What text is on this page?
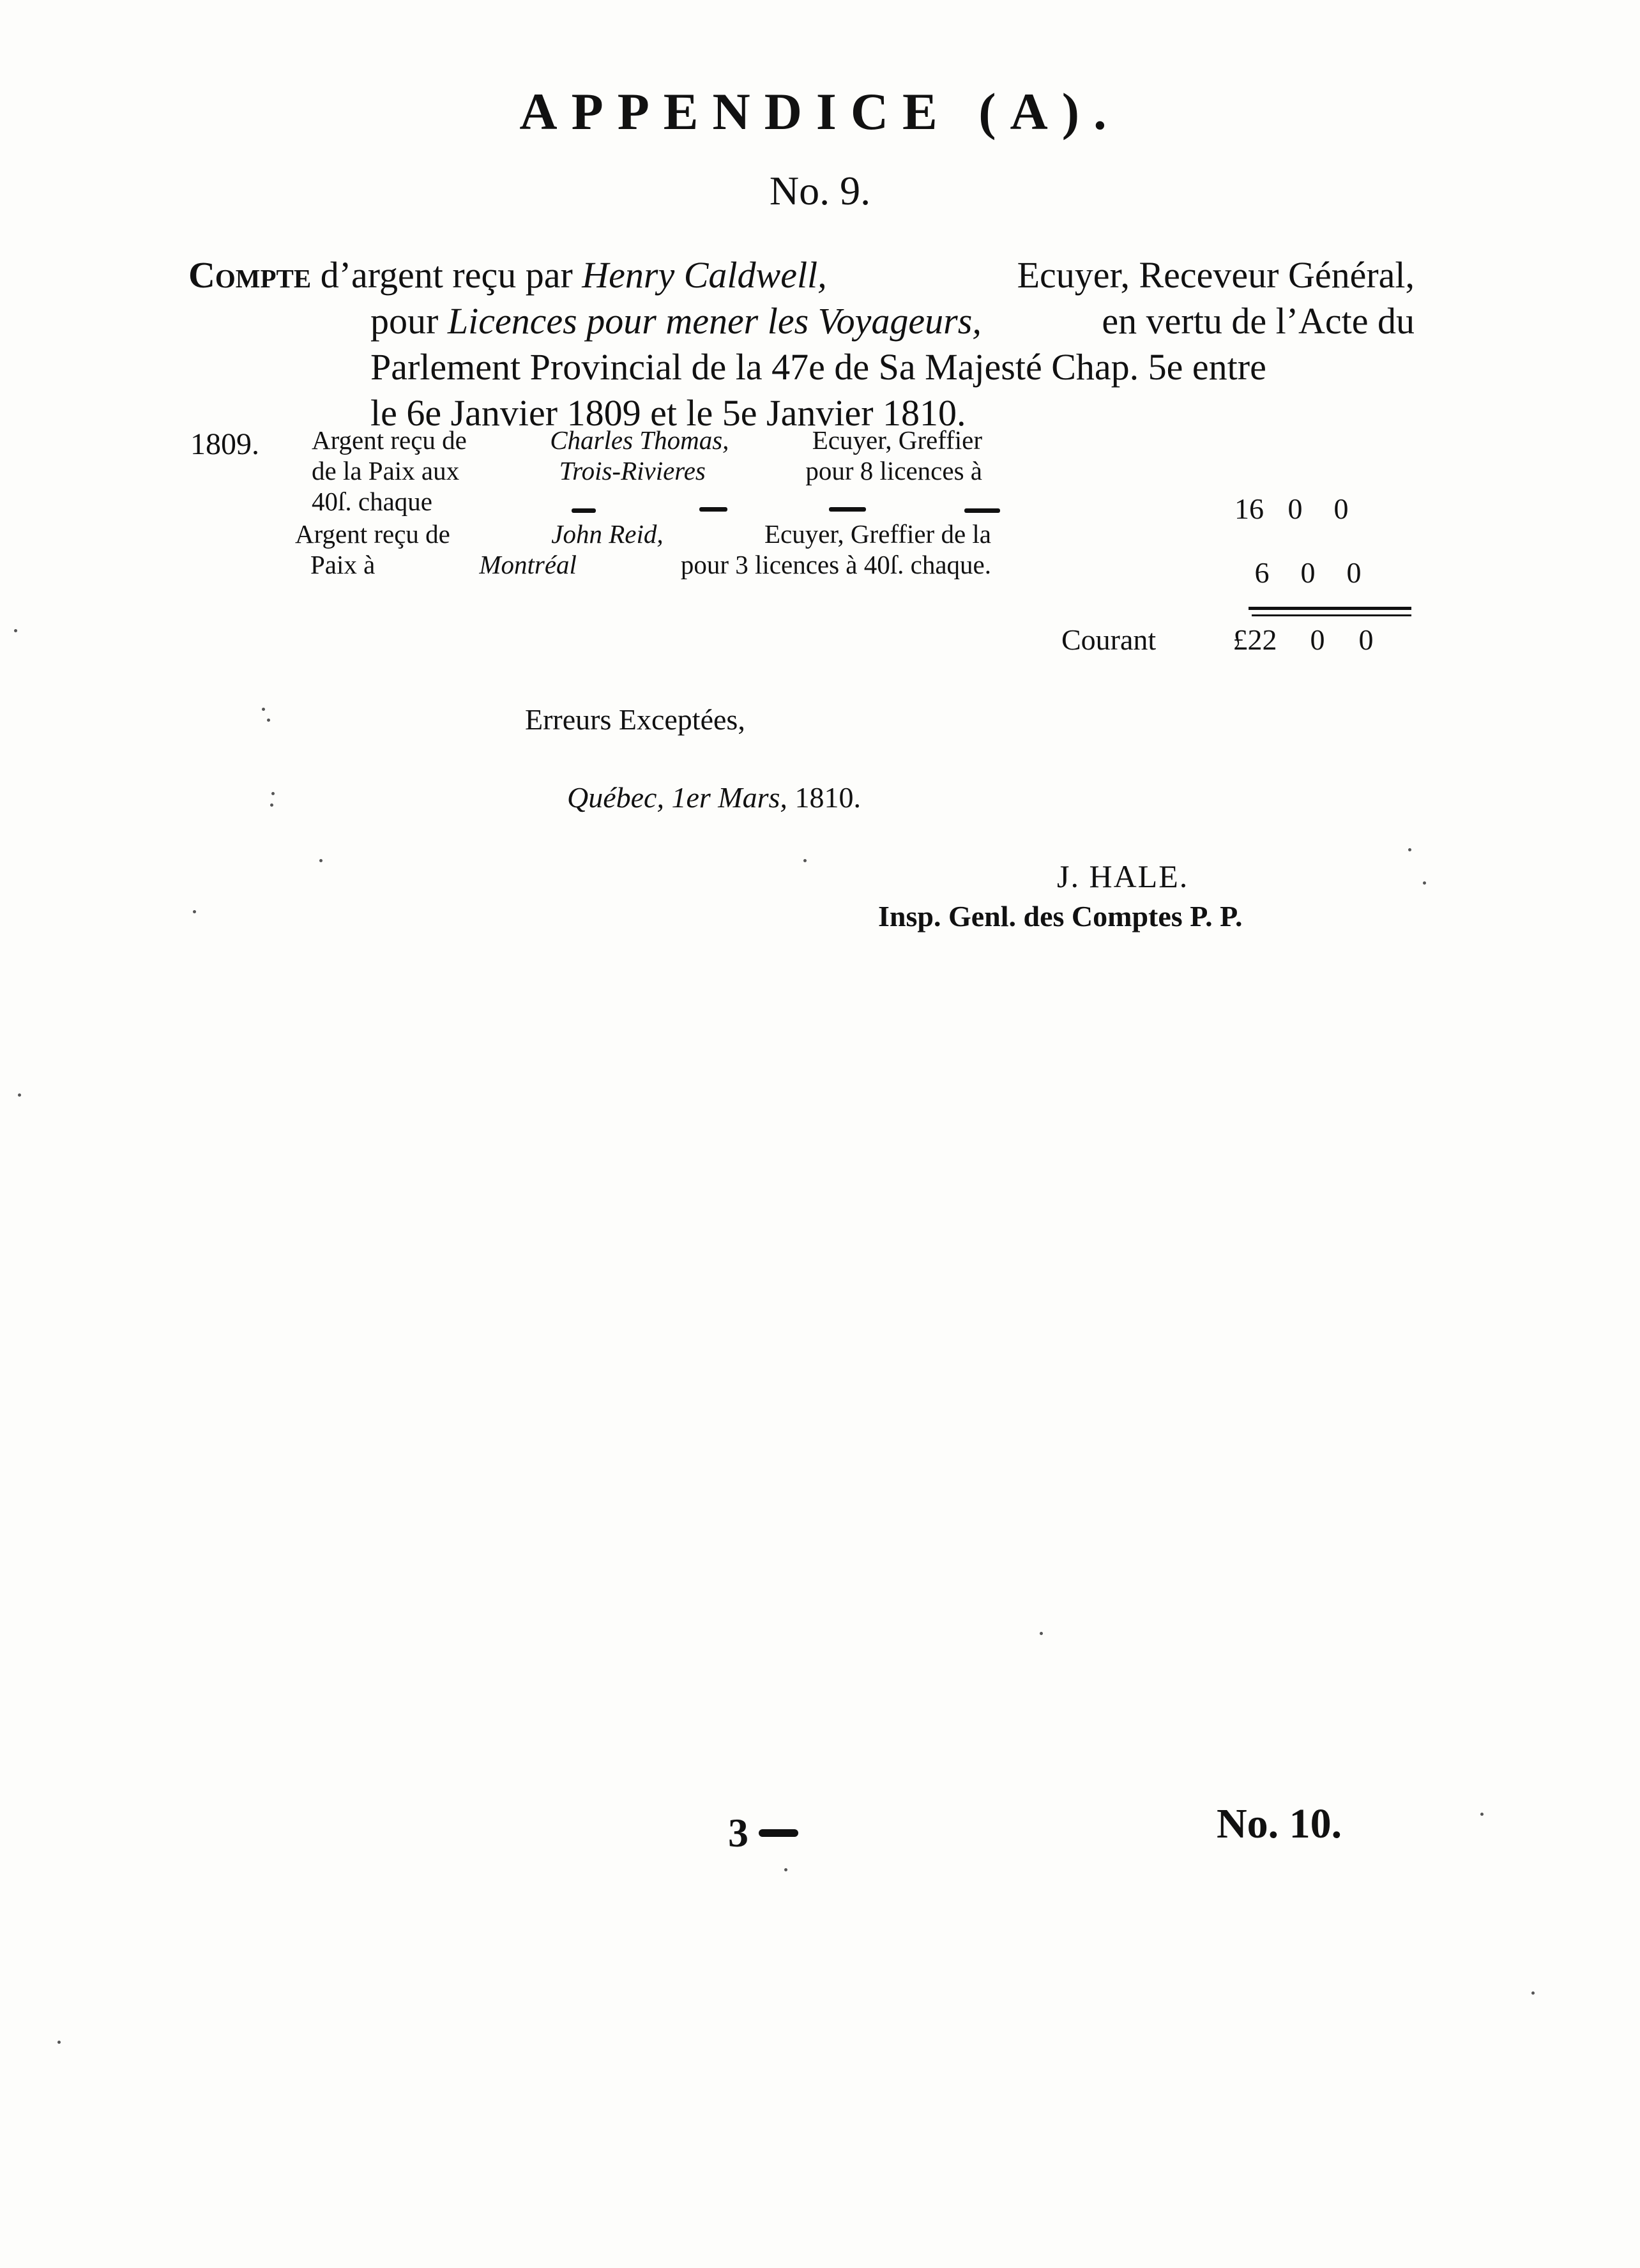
APPENDICE (A).
No. 9.
Compte d’argent reçu par Henry Caldwell,	Ecuyer, Receveur Général,
pour Licences pour mener les Voyageurs,	en vertu de l’Acte du
Parlement Provincial de la 47e de Sa Majesté Chap. 5e entre
le 6e Janvier 1809 et le 5e Janvier 1810.
1809. Argent reçu de	Charles Thomas,	Ecuyer, Greffier
de la Paix aux	Trois-Rivieres	pour 8 licences à
40ſ. chaque	16 0	0
Argent reçu de	John Reid,	Ecuyer, Greffier de la
Paix à	Montréal	pour 3 licences à 40ſ. chaque.	6	0	0
Courant	£22	0	0
Erreurs Exceptées,
Québec, 1er Mars, 1810.
J. HALE.
Insp. Genl. des Comptes P. P.
3	No. 10.
